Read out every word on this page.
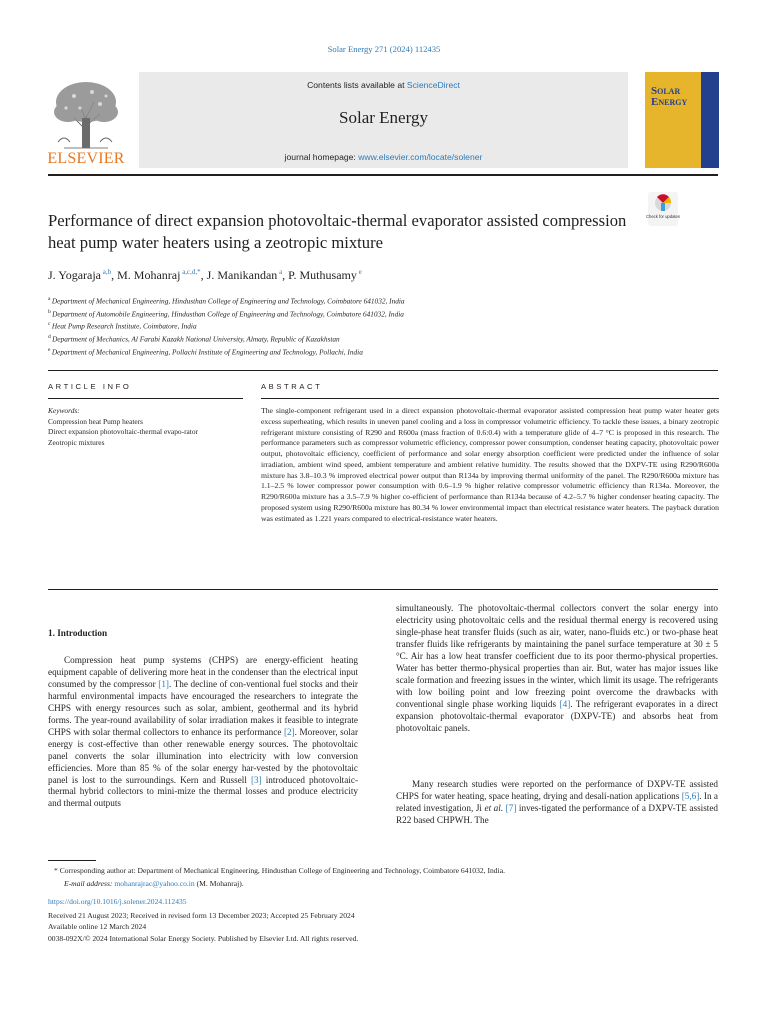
Solar Energy 271 (2024) 112435
ELSEVIER
Contents lists available at ScienceDirect
Solar Energy
journal homepage: www.elsevier.com/locate/solener
Solar Energy
Performance of direct expansion photovoltaic-thermal evaporator assisted compression heat pump water heaters using a zeotropic mixture
Check for updates
J. Yogaraja $^{a,b}$, M. Mohanraj $^{a,c,d,*}$, J. Manikandan $^a$, P. Muthusamy $^e$
$^a$ Department of Mechanical Engineering, Hindusthan College of Engineering and Technology, Coimbatore 641032, India
$^b$ Department of Automobile Engineering, Hindusthan College of Engineering and Technology, Coimbatore 641032, India
$^c$ Heat Pump Research Institute, Coimbatore, India
$^d$ Department of Mechanics, Al Farabi Kazakh National University, Almaty, Republic of Kazakhstan
$^e$ Department of Mechanical Engineering, Pollachi Institute of Engineering and Technology, Pollachi, India
ARTICLE INFO
Keywords:
Compression heat Pump heaters
Direct expansion photovoltaic-thermal evapo-rator
Zeotropic mixtures
ABSTRACT
The single-component refrigerant used in a direct expansion photovoltaic-thermal evaporator assisted compression heat pump water heater gets excess superheating, which results in uneven panel cooling and a loss in compressor volumetric efficiency. To tackle these issues, a binary zeotropic refrigerant mixture consisting of R290 and R600a (mass fraction of 0.6:0.4) with a temperature glide of 4–7 °C is proposed in this research. The performance parameters such as compressor volumetric efficiency, compressor power consumption, condenser heating capacity, photovoltaic power output, photovoltaic efficiency, coefficient of performance and solar energy absorption coefficient were predicted under the influence of solar irradiation, ambient wind speed, ambient temperature and ambient relative humidity. The results showed that the DXPV-TE using R290/R600a mixture has 3.8–10.3 % improved electrical power output than R134a by improving thermal uniformity of the panel. The R290/R600a mixture has 1.1–2.5 % lower compressor power consumption with 0.6–1.9 % higher relative compressor volumetric efficiency than R134a. Moreover, the R290/R600a mixture has a 3.5–7.9 % higher co-efficient of performance than R134a because of 4.2–5.7 % higher condenser heating capacity. The proposed system using R290/R600a mixture has 80.34 % lower environmental impact than electrical resistance water heaters. The payback duration was estimated as 1.221 years compared to electrical-resistance water heaters.
1. Introduction
Compression heat pump systems (CHPS) are energy-efficient heating equipment capable of delivering more heat in the condenser than the electrical input consumed by the compressor [1]. The decline of con-ventional fuel stocks and their harmful environmental impacts have encouraged the researchers to integrate the CHPS with energy resources such as solar, ambient, geothermal and its hybrid forms. The year-round availability of solar irradiation makes it feasible to integrate CHPS with solar thermal collectors to enhance its performance [2]. Moreover, solar energy is cost-effective than other renewable energy sources. The photovoltaic panel converts the solar illumination into electricity with low conversion efficiencies. More than 85 % of the solar energy har-vested by the photovoltaic panel is lost to the surroundings. Kern and Russell [3] introduced photovoltaic-thermal hybrid collectors to mini-mize the thermal losses and produce electricity and thermal outputs
simultaneously. The photovoltaic-thermal collectors convert the solar energy into electricity using photovoltaic cells and the residual thermal energy is recovered using single-phase heat transfer fluids (such as air, water, nano-fluids etc.) or two-phase heat transfer fluids like refrigerants by maintaining the panel surface temperature at 30 ± 5 °C. Air has a low heat transfer coefficient due to its poor thermo-physical properties. Water has better thermo-physical properties than air. But, water has major issues like scale formation and freezing issues in the winter, which limit its usage. The refrigerants with low boiling point and low freezing point overcome the drawbacks with conventional single phase working liquids [4]. The refrigerant evaporates in a direct expansion photovoltaic-thermal evaporator (DXPV-TE) and absorbs heat from photovoltaic panels.
Many research studies were reported on the performance of DXPV-TE assisted CHPS for water heating, space heating, drying and desali-nation applications [5,6]. In a related investigation, Ji et al. [7] inves-tigated the performance of a DXPV-TE assisted R22 based CHPWH. The
* Corresponding author at: Department of Mechanical Engineering, Hindusthan College of Engineering and Technology, Coimbatore 641032, India.
E-mail address: mohanrajrac@yahoo.co.in (M. Mohanraj).
https://doi.org/10.1016/j.solener.2024.112435
Received 21 August 2023; Received in revised form 13 December 2023; Accepted 25 February 2024
Available online 12 March 2024
0038-092X/© 2024 International Solar Energy Society. Published by Elsevier Ltd. All rights reserved.
